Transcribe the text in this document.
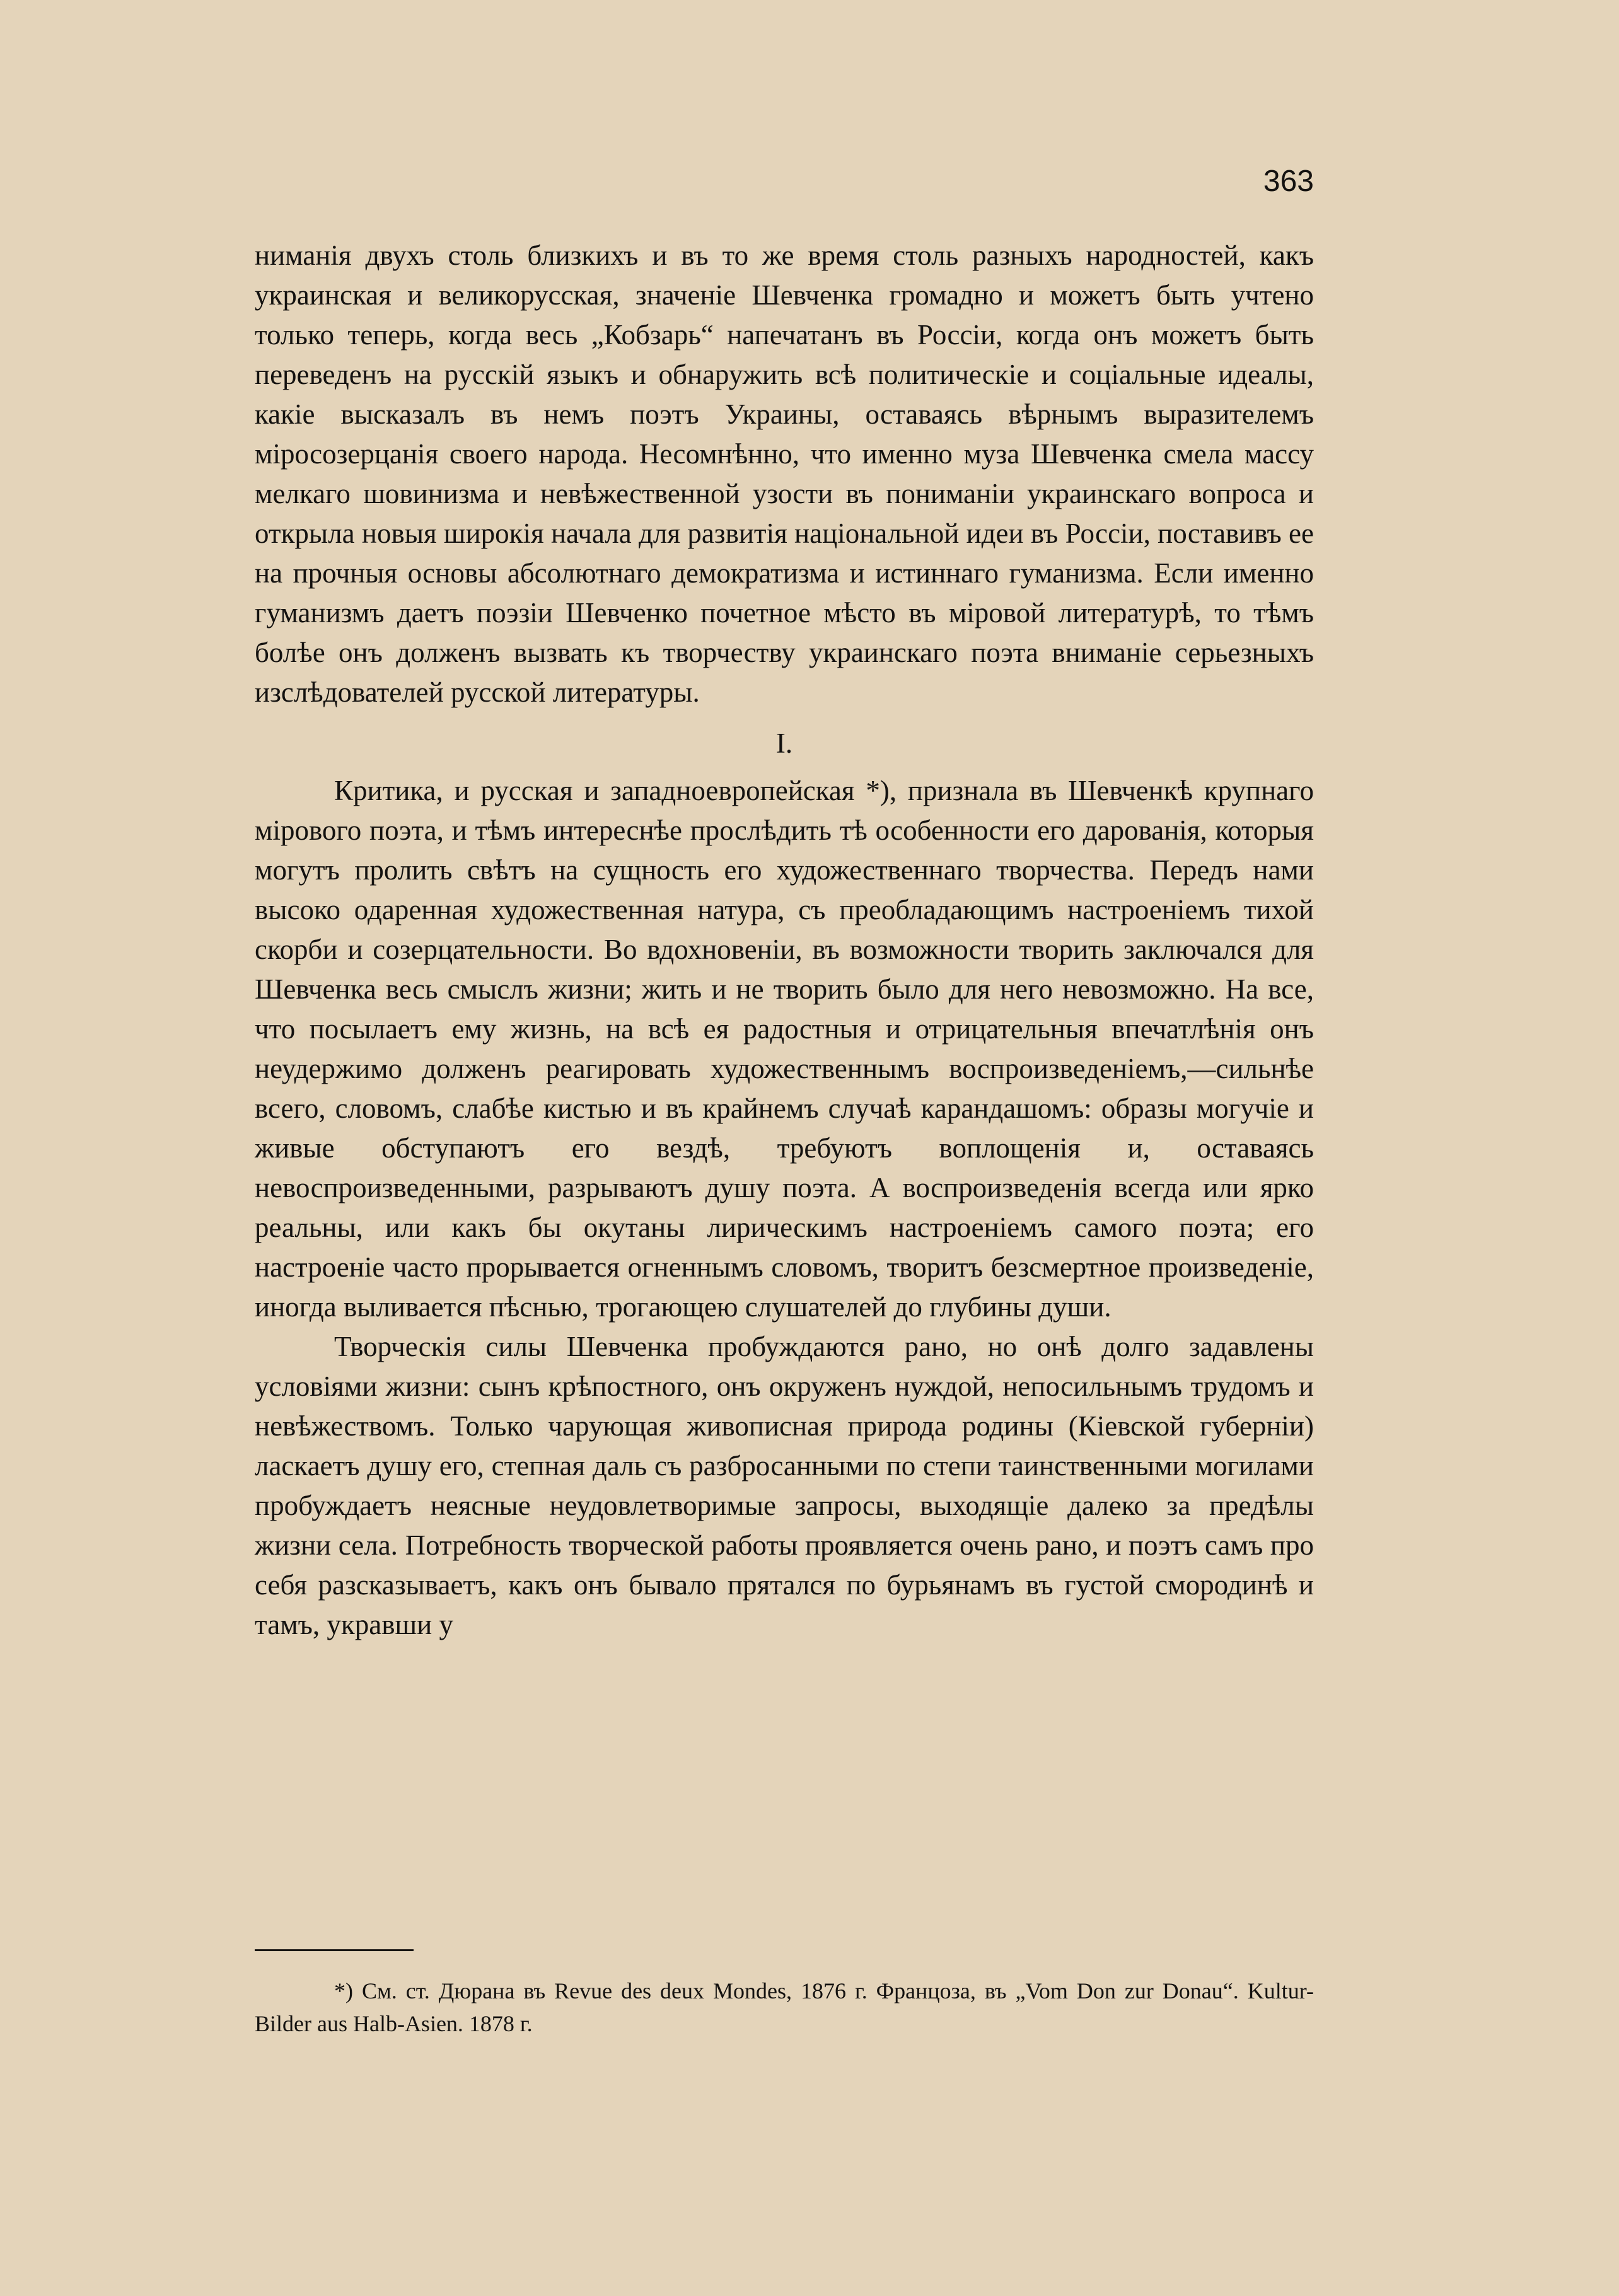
363

ниманія двухъ столь близкихъ и въ то же время столь разныхъ народностей, какъ украинская и великорусская, значеніе Шевченка громадно и можетъ быть учтено только теперь, когда весь „Кобзарь“ напечатанъ въ Россіи, когда онъ можетъ быть переведенъ на русскій языкъ и обнаружить всѣ политическіе и соціальные идеалы, какіе высказалъ въ немъ поэтъ Украины, оставаясь вѣрнымъ выразителемъ міросозерцанія своего народа. Несомнѣнно, что именно муза Шевченка смела массу мелкаго шовинизма и невѣжественной узости въ пониманіи украинскаго вопроса и открыла новыя широкія начала для развитія національной идеи въ Россіи, поставивъ ее на прочныя основы абсолютнаго демократизма и истиннаго гуманизма. Если именно гуманизмъ даетъ поэзіи Шевченко почетное мѣсто въ міровой литературѣ, то тѣмъ болѣе онъ долженъ вызвать къ творчеству украинскаго поэта вниманіе серьезныхъ изслѣдователей русской литературы.

I.

Критика, и русская и западноевропейская *), признала въ Шевченкѣ крупнаго мірового поэта, и тѣмъ интереснѣе прослѣдить тѣ особенности его дарованія, которыя могутъ пролить свѣтъ на сущность его художественнаго творчества. Передъ нами высоко одаренная художественная натура, съ преобладающимъ настроеніемъ тихой скорби и созерцательности. Во вдохновеніи, въ возможности творить заключался для Шевченка весь смыслъ жизни; жить и не творить было для него невозможно. На все, что посылаетъ ему жизнь, на всѣ ея радостныя и отрицательныя впечатлѣнія онъ неудержимо долженъ реагировать художественнымъ воспроизведеніемъ,—сильнѣе всего, словомъ, слабѣе кистью и въ крайнемъ случаѣ карандашомъ: образы могучіе и живые обступаютъ его вездѣ, требуютъ воплощенія и, оставаясь невоспроизведенными, разрываютъ душу поэта. А воспроизведенія всегда или ярко реальны, или какъ бы окутаны лирическимъ настроеніемъ самого поэта; его настроеніе часто прорывается огненнымъ словомъ, творитъ безсмертное произведеніе, иногда выливается пѣснью, трогающею слушателей до глубины души.

Творческія силы Шевченка пробуждаются рано, но онѣ долго задавлены условіями жизни: сынъ крѣпостного, онъ окруженъ нуждой, непосильнымъ трудомъ и невѣжествомъ. Только чарующая живописная природа родины (Кіевской губерніи) ласкаетъ душу его, степная даль съ разбросанными по степи таинственными могилами пробуждаетъ неясные неудовлетворимые запросы, выходящіе далеко за предѣлы жизни села. Потребность творческой работы проявляется очень рано, и поэтъ самъ про себя разсказываетъ, какъ онъ бывало прятался по бурьянамъ въ густой смородинѣ и тамъ, укравши у

*) См. ст. Дюрана въ Revue des deux Mondes, 1876 г. Францоза, въ „Vom Don zur Donau“. Kultur-Bilder aus Halb-Asien. 1878 г.
